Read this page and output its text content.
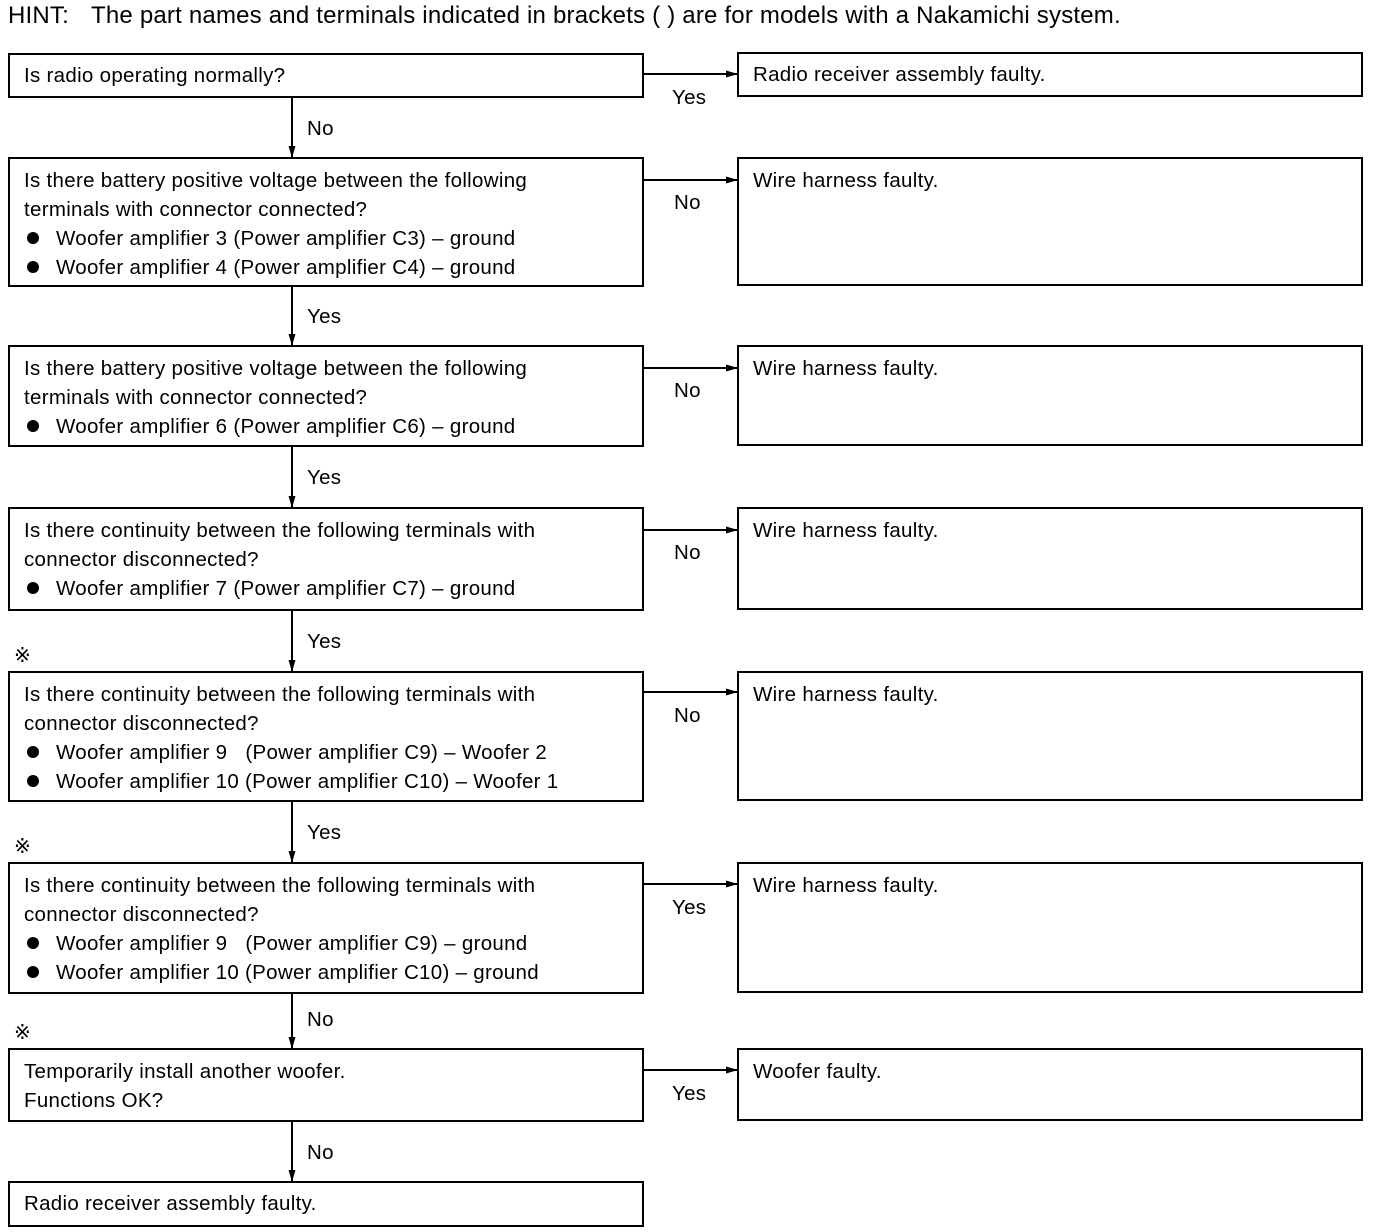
HINT: The part names and terminals indicated in brackets ( ) are for models with a Nakamichi system.
Is radio operating normally?
Yes
Radio receiver assembly faulty.
No
Is there battery positive voltage between the following
terminals with connector connected?
Woofer amplifier 3 (Power amplifier C3) – ground
Woofer amplifier 4 (Power amplifier C4) – ground
No
Wire harness faulty.
Yes
Is there battery positive voltage between the following
terminals with connector connected?
Woofer amplifier 6 (Power amplifier C6) – ground
No
Wire harness faulty.
Yes
Is there continuity between the following terminals with
connector disconnected?
Woofer amplifier 7 (Power amplifier C7) – ground
No
Wire harness faulty.
Yes
※
Is there continuity between the following terminals with
connector disconnected?
Woofer amplifier 9   (Power amplifier C9) – Woofer 2
Woofer amplifier 10 (Power amplifier C10) – Woofer 1
No
Wire harness faulty.
Yes
※
Is there continuity between the following terminals with
connector disconnected?
Woofer amplifier 9   (Power amplifier C9) – ground
Woofer amplifier 10 (Power amplifier C10) – ground
Yes
Wire harness faulty.
No
※
Temporarily install another woofer.
Functions OK?	Yes
Woofer faulty.
No
Radio receiver assembly faulty.
